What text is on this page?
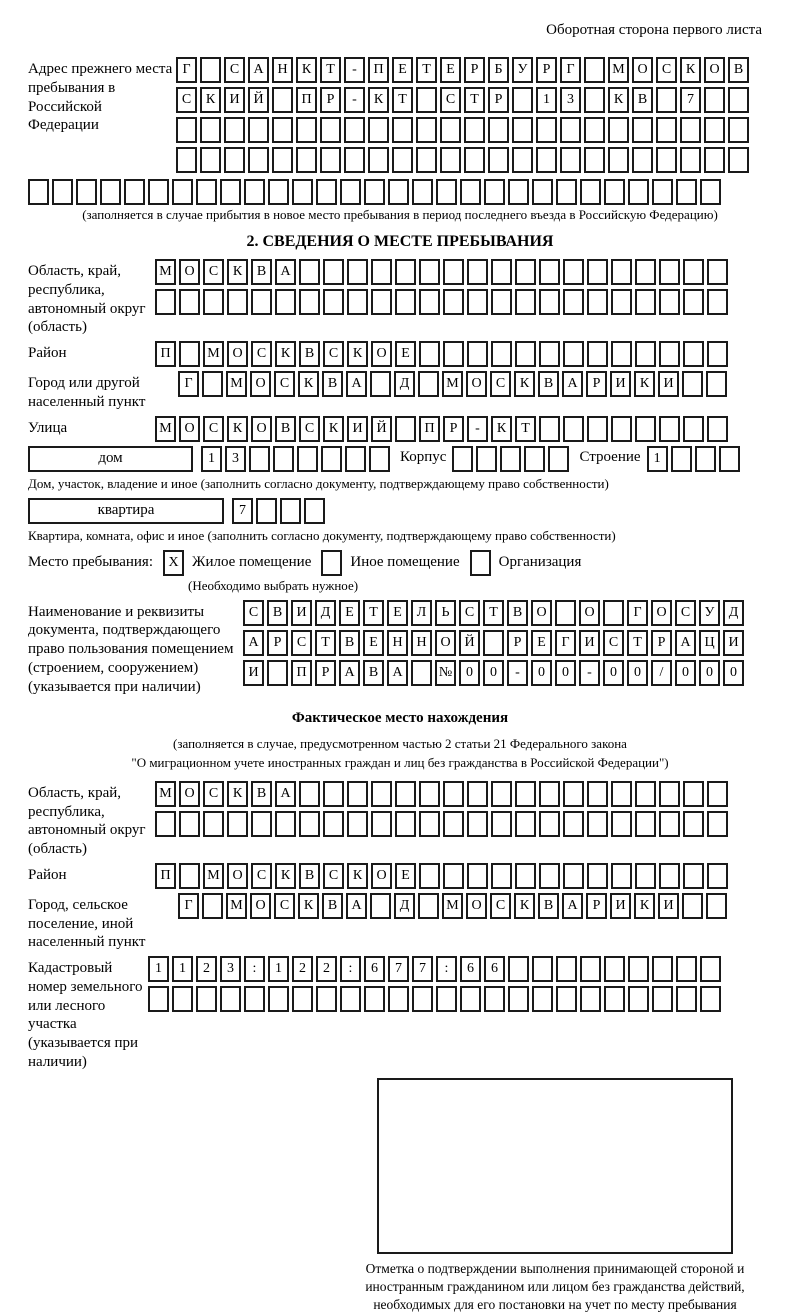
Оборотная сторона первого листа
Адрес прежнего места пребывания в Российской Федерации
Г	С	А Н	К	Т	-	П	Е	Т	Е	Р	Б	У	Р	Г	М О	С	К	О	В
С	К	И Й	П	Р	-	К	Т	С	Т	Р	1	3	К	В	7
(заполняется в случае прибытия в новое место пребывания в период последнего въезда в Российскую Федерацию)
2. СВЕДЕНИЯ О МЕСТЕ ПРЕБЫВАНИЯ
Область, край, республика, автономный округ (область)
М О	С	К	В	А
Район	П	М О	С	К	В	С	К	О	Е
Город или другой населенный пункт
Г	М О	С	К	В	А	Д	М О	С	К	В	А	Р	И	К	И
Улица	М О	С	К	О	В	С	К	И Й	П	Р	-	К	Т
дом	1	3	Корпус	Строение 1
Дом, участок, владение и иное (заполнить согласно документу, подтверждающему право собственности)
квартира	7
Квартира, комната, офис и иное (заполнить согласно документу, подтверждающему право собственности)
Место пребывания:	X Жилое помещение	Иное помещение	Организация
(Необходимо выбрать нужное)
Наименование и реквизиты документа, подтверждающего право пользования помещением (строением, сооружением) (указывается при наличии)
С	В	И	Д	Е	Т	Е	Л	Ь	С	Т	В	О	О	Г	О	С	У	Д
А	Р	С	Т	В	Е	Н Н О Й	Р	Е	Г	И	С	Т	Р	А Ц И
И	П	Р	А	В	А	№ 0	0	-	0	0	-	0	0	/	0	0	0
Фактическое место нахождения
(заполняется в случае, предусмотренном частью 2 статьи 21 Федерального закона
"О миграционном учете иностранных граждан и лиц без гражданства в Российской Федерации")
Область, край, республика, автономный округ (область)
М О	С	К	В	А
Район	П	М О	С	К	В	С	К	О	Е
Город, сельское поселение, иной населенный пункт
Г	М О	С	К	В	А	Д	М О	С	К	В	А	Р	И	К	И
Кадастровый номер земельного или лесного участка (указывается при наличии)
1	1	2	3	:	1	2	2	:	6	7	7	:	6	6
Отметка о подтверждении выполнения принимающей стороной и иностранным гражданином или лицом без гражданства действий, необходимых для его постановки на учет по месту пребывания
